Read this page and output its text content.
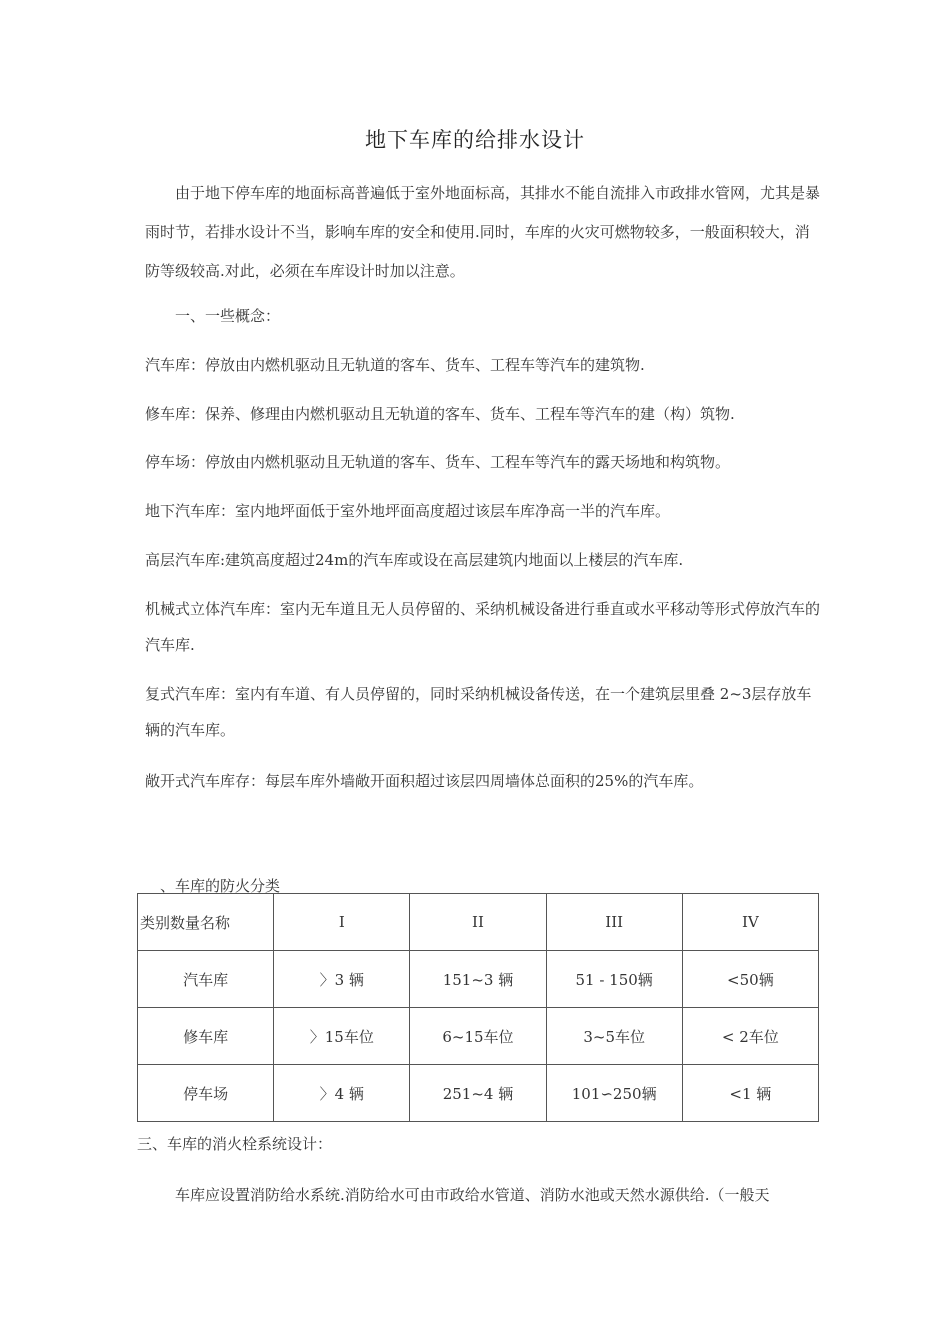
地下车库的给排水设计
由于地下停车库的地面标高普遍低于室外地面标高，其排水不能自流排入市政排水管网，尤其是暴雨时节，若排水设计不当，影响车库的安全和使用.同时，车库的火灾可燃物较多，一般面积较大，消防等级较高.对此，必须在车库设计时加以注意。
一、一些概念：
汽车库：停放由内燃机驱动且无轨道的客车、货车、工程车等汽车的建筑物.
修车库：保养、修理由内燃机驱动且无轨道的客车、货车、工程车等汽车的建（构）筑物.
停车场：停放由内燃机驱动且无轨道的客车、货车、工程车等汽车的露天场地和构筑物。
地下汽车库：室内地坪面低于室外地坪面高度超过该层车库净高一半的汽车库。
高层汽车库:建筑高度超过24m的汽车库或设在高层建筑内地面以上楼层的汽车库.
机械式立体汽车库：室内无车道且无人员停留的、采纳机械设备进行垂直或水平移动等形式停放汽车的汽车库.
复式汽车库：室内有车道、有人员停留的，同时采纳机械设备传送，在一个建筑层里叠 2~3层存放车辆的汽车库。
敞开式汽车库存：每层车库外墙敞开面积超过该层四周墙体总面积的25%的汽车库。
、车库的防火分类
类别数量名称	I	II	III	IV
汽车库	〉3 辆	151~3 辆	51 - 150辆	<50辆
修车库	〉15车位	6~15车位	3~5车位	< 2车位
停车场	〉4 辆	251~4 辆	101∽250辆	<1 辆
三、车库的消火栓系统设计：
车库应设置消防给水系统.消防给水可由市政给水管道、消防水池或天然水源供给.（一般天
